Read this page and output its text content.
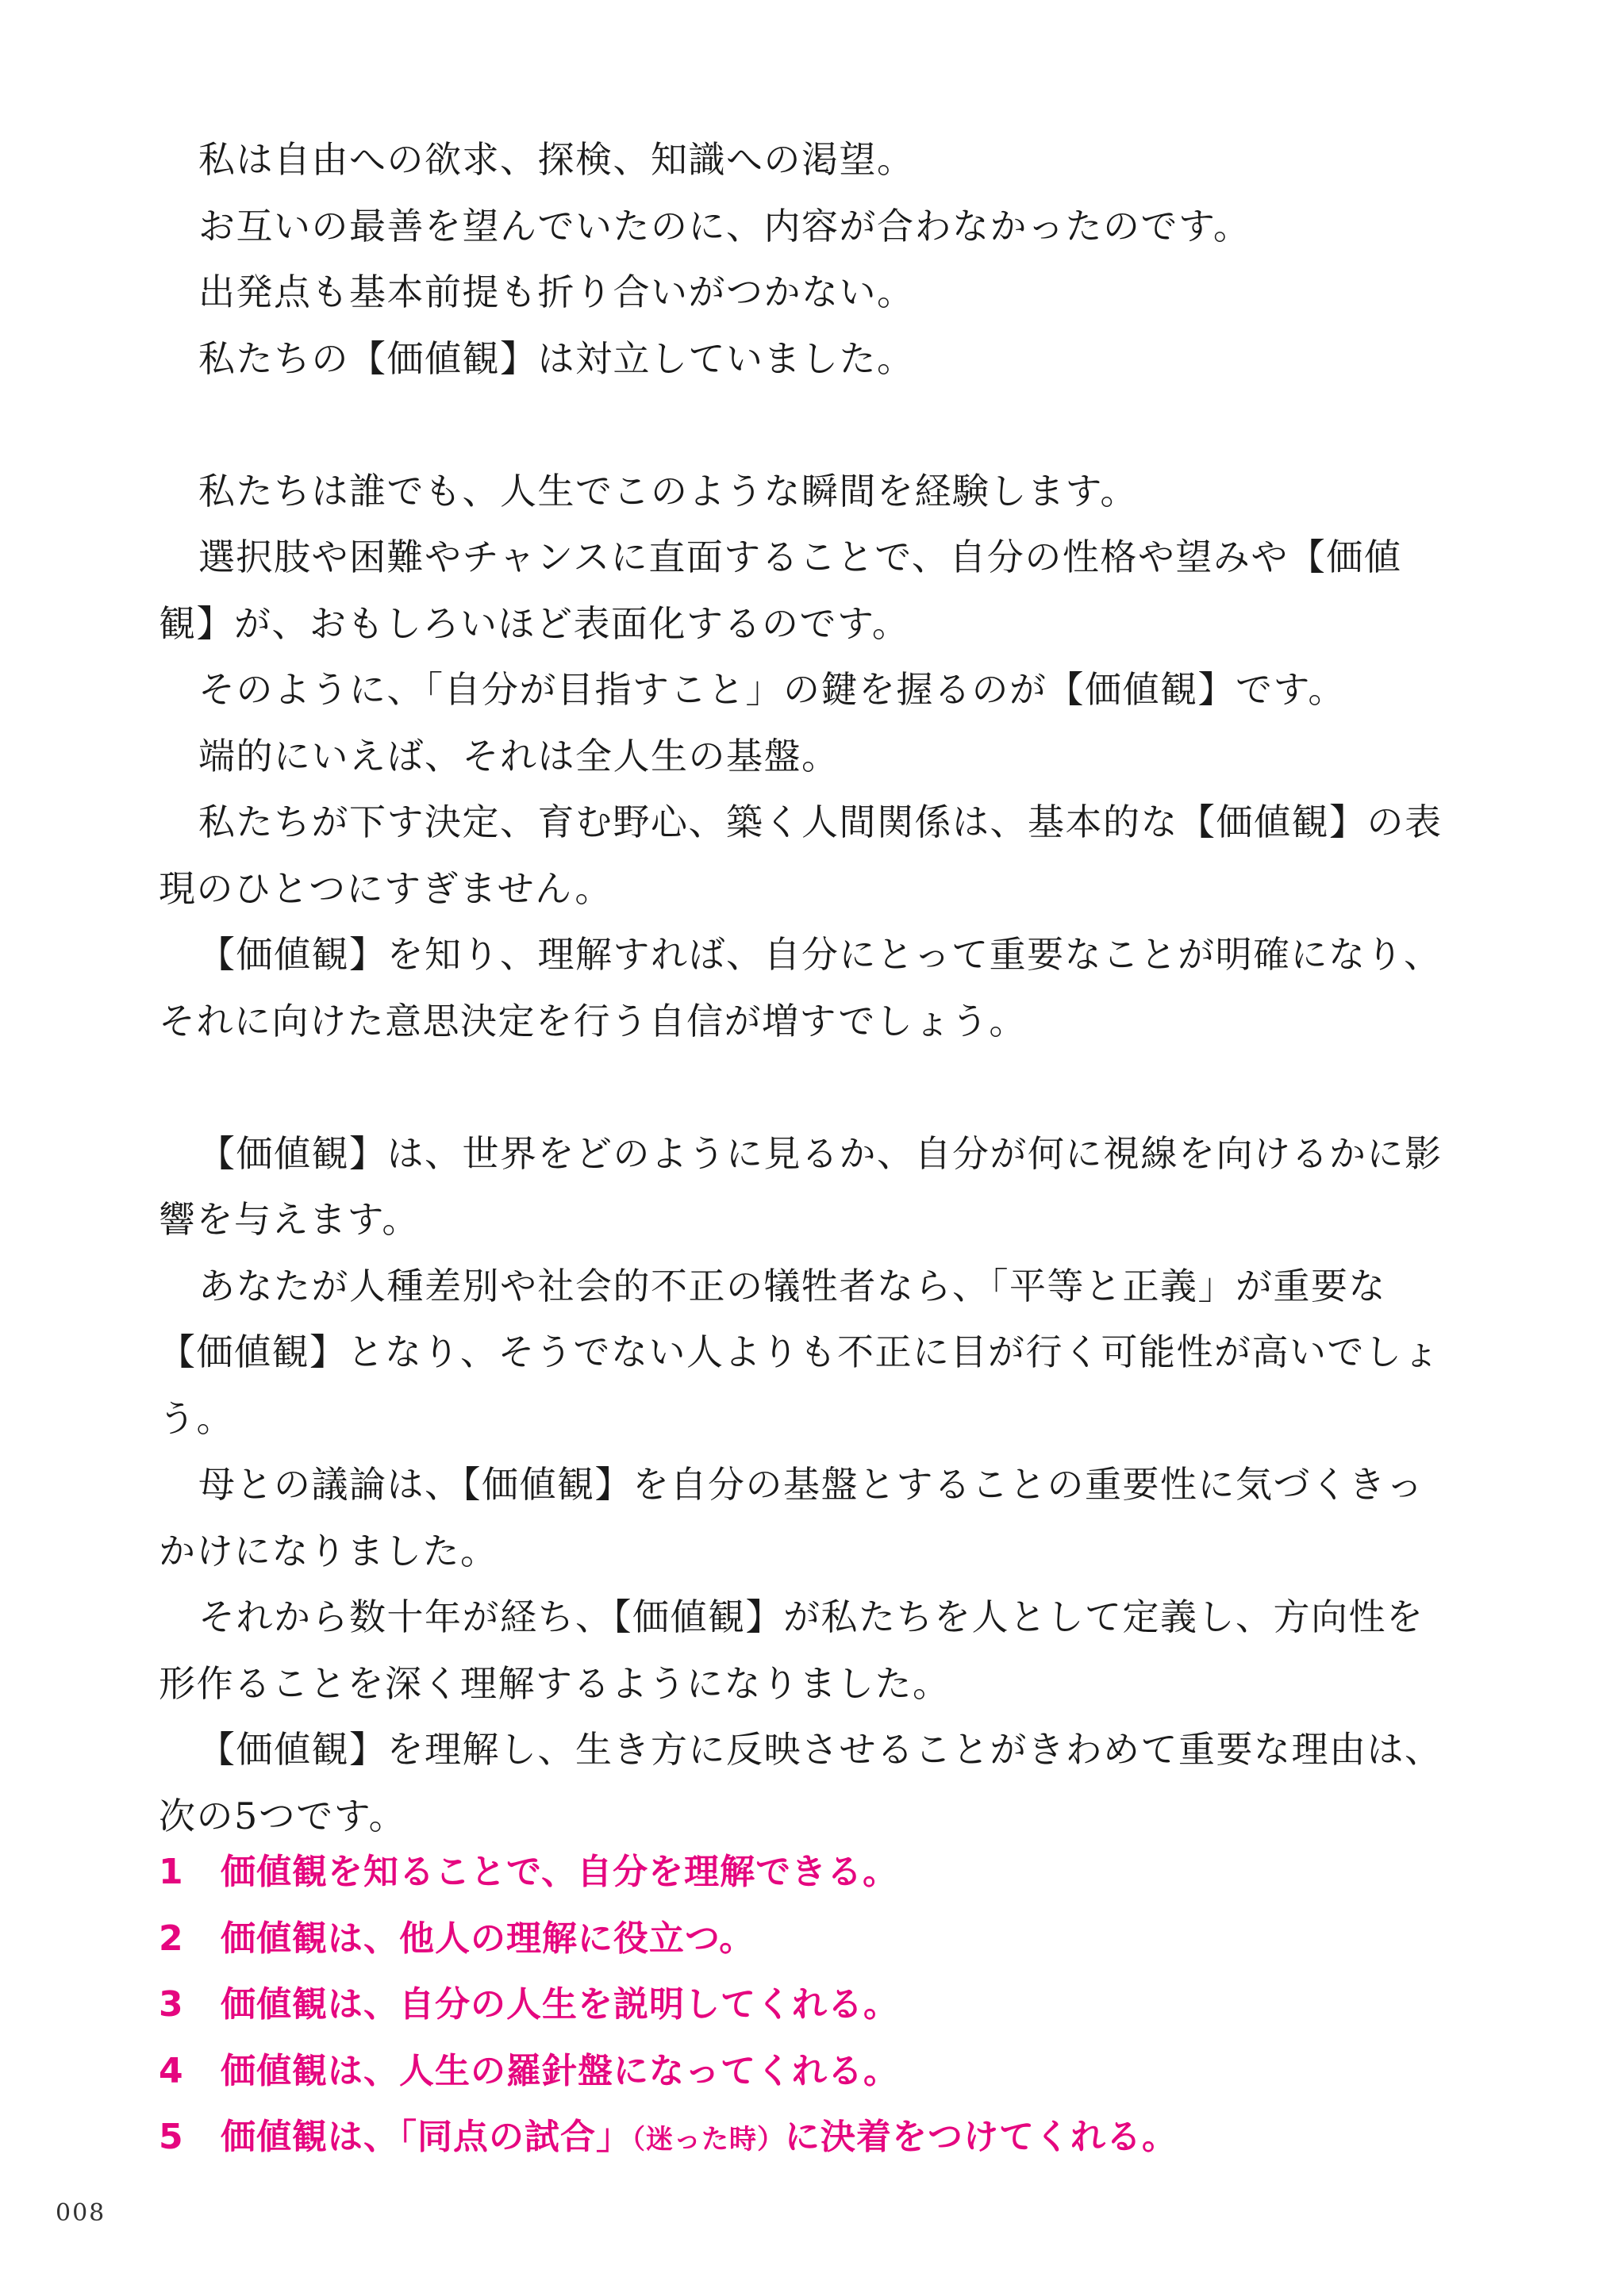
私は自由への欲求、探検、知識への渇望。

お互いの最善を望んでいたのに、内容が合わなかったのです。

出発点も基本前提も折り合いがつかない。

私たちの【価値観】は対立していました。

私たちは誰でも、人生でこのような瞬間を経験します。

選択肢や困難やチャンスに直面することで、自分の性格や望みや【価値観】が、おもしろいほど表面化するのです。

そのように、「自分が目指すこと」の鍵を握るのが【価値観】です。

端的にいえば、それは全人生の基盤。

私たちが下す決定、育む野心、築く人間関係は、基本的な【価値観】の表現のひとつにすぎません。

【価値観】を知り、理解すれば、自分にとって重要なことが明確になり、それに向けた意思決定を行う自信が増すでしょう。

【価値観】は、世界をどのように見るか、自分が何に視線を向けるかに影響を与えます。

あなたが人種差別や社会的不正の犠牲者なら、「平等と正義」が重要な【価値観】となり、そうでない人よりも不正に目が行く可能性が高いでしょう。

母との議論は、【価値観】を自分の基盤とすることの重要性に気づくきっかけになりました。

それから数十年が経ち、【価値観】が私たちを人として定義し、方向性を形作ることを深く理解するようになりました。

【価値観】を理解し、生き方に反映させることがきわめて重要な理由は、次の5つです。

1 価値観を知ることで、自分を理解できる。
2 価値観は、他人の理解に役立つ。
3 価値観は、自分の人生を説明してくれる。
4 価値観は、人生の羅針盤になってくれる。
5 価値観は、「同点の試合」（迷った時）に決着をつけてくれる。
008
